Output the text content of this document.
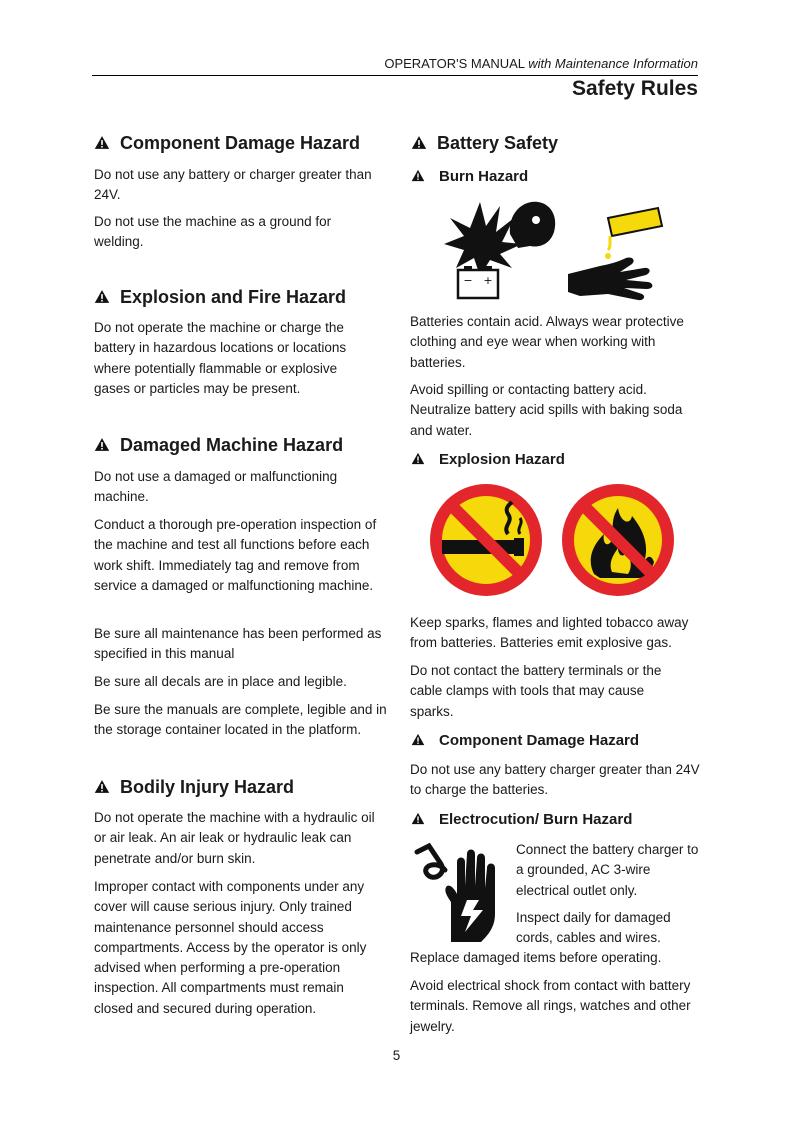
OPERATOR'S MANUAL with Maintenance Information
Safety Rules
Component Damage Hazard
Do not use any battery or charger greater than 24V.
Do not use the machine as a ground for welding.
Explosion and Fire Hazard
Do not operate the machine or charge the battery in hazardous locations or locations where potentially flammable or explosive gases or particles may be present.
Damaged Machine Hazard
Do not use a damaged or malfunctioning machine.
Conduct a thorough pre-operation inspection of the machine and test all functions before each work shift. Immediately tag and remove from service a damaged or malfunctioning machine.
Be sure all maintenance has been performed as specified in this manual
Be sure all decals are in place and legible.
Be sure the manuals are complete, legible and in the storage container located in the platform.
Bodily Injury Hazard
Do not operate the machine with a hydraulic oil or air leak. An air leak or hydraulic leak can penetrate and/or burn skin.
Improper contact with components under any cover will cause serious injury. Only trained maintenance personnel should access compartments. Access by the operator is only advised when performing a pre-operation inspection. All compartments must remain closed and secured during operation.
Battery Safety
Burn Hazard
− +
Batteries contain acid. Always wear protective clothing and eye wear when working with batteries.
Avoid spilling or contacting battery acid. Neutralize battery acid spills with baking soda and water.
Explosion Hazard
Keep sparks, flames and lighted tobacco away from batteries. Batteries emit explosive gas.
Do not contact the battery terminals or the cable clamps with tools that may cause sparks.
Component Damage Hazard
Do not use any battery charger greater than 24V to charge the batteries.
Electrocution/ Burn Hazard
Connect the battery charger to a grounded, AC 3-wire electrical outlet only.
Inspect daily for damaged cords, cables and wires.
Replace damaged items before operating.
Avoid electrical shock from contact with battery terminals. Remove all rings, watches and other jewelry.
5
